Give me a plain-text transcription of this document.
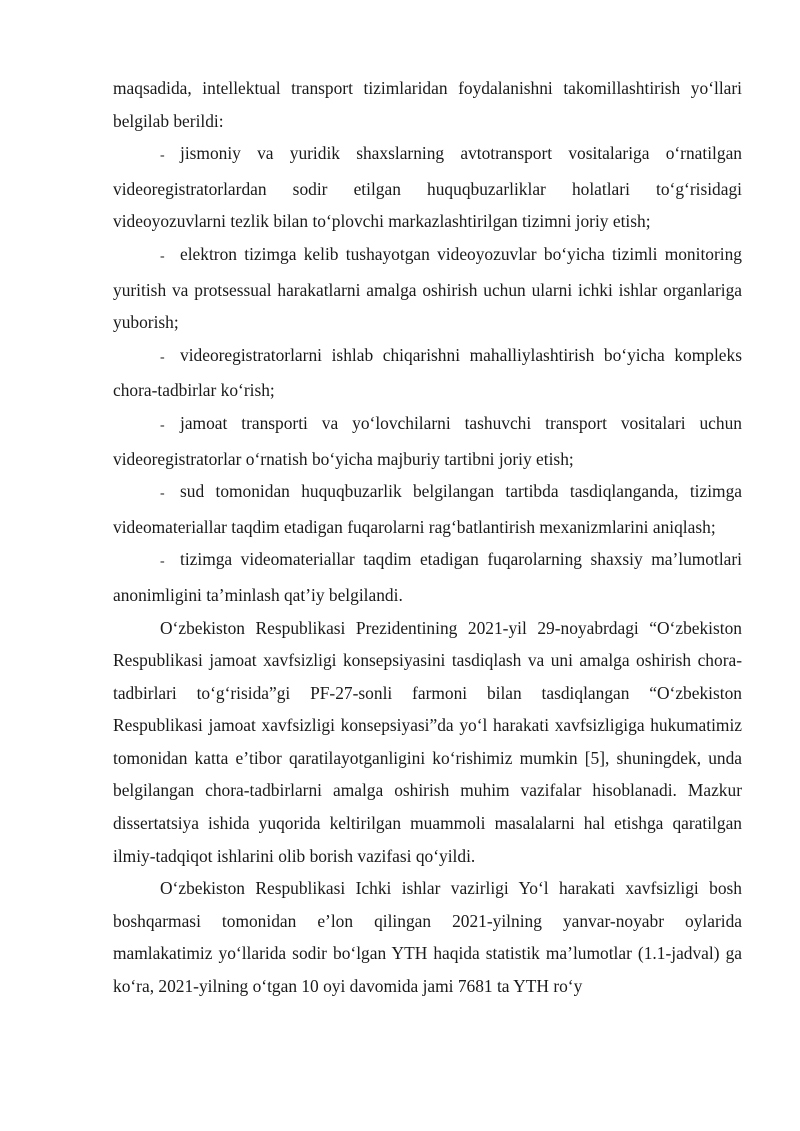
maqsadida, intellektual transport tizimlaridan foydalanishni takomillashtirish yoʻllari belgilab berildi:

- jismoniy va yuridik shaxslarning avtotransport vositalariga oʻrnatilgan videoregistratorlardan sodir etilgan huquqbuzarliklar holatlari toʻgʻrisidagi videoyozuvlarni tezlik bilan toʻplovchi markazlashtirilgan tizimni joriy etish;

- elektron tizimga kelib tushayotgan videoyozuvlar boʻyicha tizimli monitoring yuritish va protsessual harakatlarni amalga oshirish uchun ularni ichki ishlar organlariga yuborish;

- videoregistratorlarni ishlab chiqarishni mahalliylashtirish boʻyicha kompleks chora-tadbirlar koʻrish;

- jamoat transporti va yoʻlovchilarni tashuvchi transport vositalari uchun videoregistratorlar oʻrnatish boʻyicha majburiy tartibni joriy etish;

- sud tomonidan huquqbuzarlik belgilangan tartibda tasdiqlanganda, tizimga videomateriallar taqdim etadigan fuqarolarni ragʻbatlantirish mexanizmlarini aniqlash;

- tizimga videomateriallar taqdim etadigan fuqarolarning shaxsiy maʼlumotlari anonimligini taʼminlash qatʼiy belgilandi.

Oʻzbekiston Respublikasi Prezidentining 2021-yil 29-noyabrdagi “Oʻzbekiston Respublikasi jamoat xavfsizligi konsepsiyasini tasdiqlash va uni amalga oshirish chora-tadbirlari toʻgʻrisida”gi PF-27-sonli farmoni bilan tasdiqlangan “Oʻzbekiston Respublikasi jamoat xavfsizligi konsepsiyasi”da yoʻl harakati xavfsizligiga hukumatimiz tomonidan katta eʼtibor qaratilayotganligini koʻrishimiz mumkin [5], shuningdek, unda belgilangan chora-tadbirlarni amalga oshirish muhim vazifalar hisoblanadi. Mazkur dissertatsiya ishida yuqorida keltirilgan muammoli masalalarni hal etishga qaratilgan ilmiy-tadqiqot ishlarini olib borish vazifasi qoʻyildi.

Oʻzbekiston Respublikasi Ichki ishlar vazirligi Yoʻl harakati xavfsizligi bosh boshqarmasi tomonidan eʼlon qilingan 2021-yilning yanvar-noyabr oylarida mamlakatimiz yoʻllarida sodir boʻlgan YTH haqida statistik maʼlumotlar (1.1-jadval) ga koʻra, 2021-yilning oʻtgan 10 oyi davomida jami 7681 ta YTH roʻy
